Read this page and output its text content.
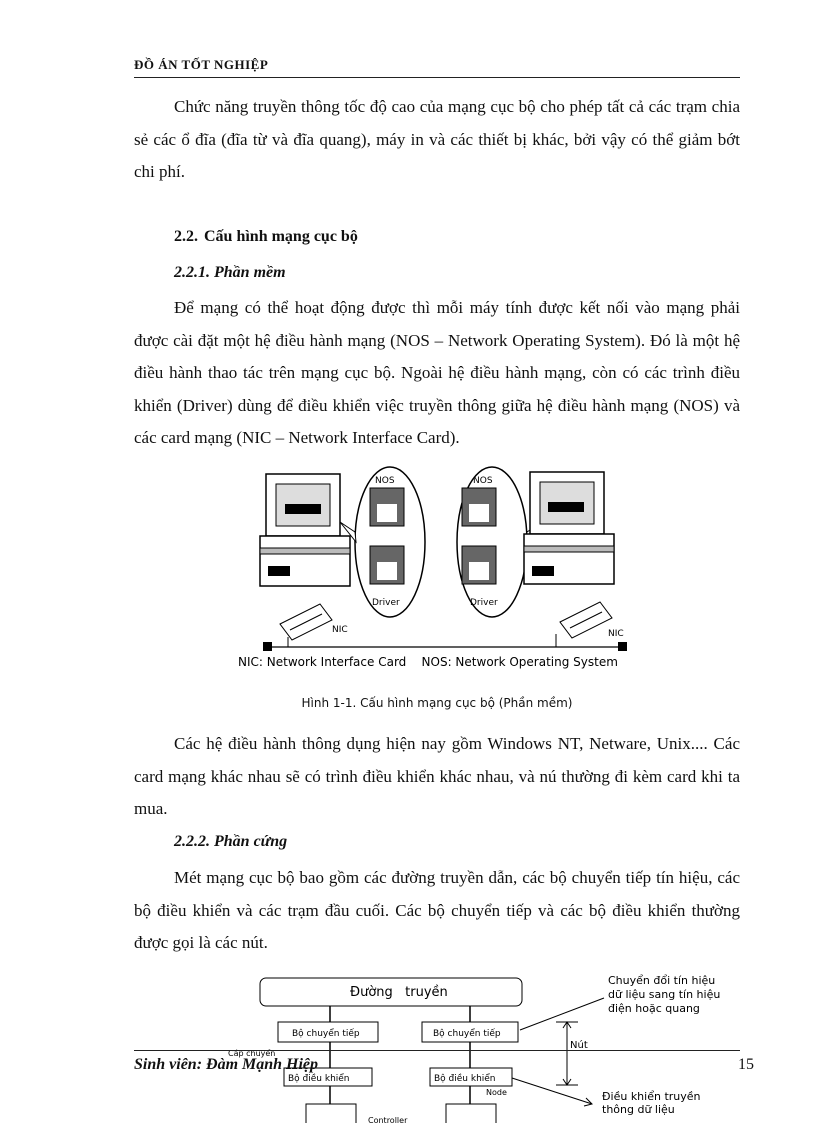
ĐỒ ÁN TỐT NGHIỆP

Chức năng truyền thông tốc độ cao của mạng cục bộ cho phép tất cả các trạm chia sẻ các ổ đĩa (đĩa từ và đĩa quang), máy in và các thiết bị khác, bởi vậy có thể giảm bớt chi phí.

2.2. Cấu hình mạng cục bộ
2.2.1. Phần mềm

Để mạng có thể hoạt động được thì mỗi máy tính được kết nối vào mạng phải được cài đặt một hệ điều hành mạng (NOS – Network Operating System). Đó là một hệ điều hành thao tác trên mạng cục bộ. Ngoài hệ điều hành mạng, còn có các trình điều khiển (Driver) dùng để điều khiển việc truyền thông giữa hệ điều hành mạng (NOS) và các card mạng (NIC – Network Interface Card).

NOS
Driver
NOS
Driver
NIC	NIC
NIC: Network Interface Card    NOS: Network Operating System
Hình 1-1. Cấu hình mạng cục bộ (Phần mềm)

Các hệ điều hành thông dụng hiện nay gồm Windows NT, Netware, Unix.... Các card mạng khác nhau sẽ có trình điều khiển khác nhau, và nú thường đi kèm card khi ta mua.

2.2.2. Phần cứng

Mét mạng cục bộ bao gồm các đường truyền dẫn, các bộ chuyển tiếp tín hiệu, các bộ điều khiển và các trạm đầu cuối. Các bộ chuyển tiếp và các bộ điều khiển thường được gọi là các nút.

Đường   truyền
Bộ chuyển tiếp	Bộ chuyển tiếp
Cáp chuyển
Bộ điều khiển	Bộ điều khiển
Node
Controller
Nút
Chuyển đổi tín hiệu
dữ liệu sang tín hiệu
điện hoặc quang
Điều khiển truyền
thông dữ liệu
Sinh viên: Đàm Mạnh Hiệp	15
